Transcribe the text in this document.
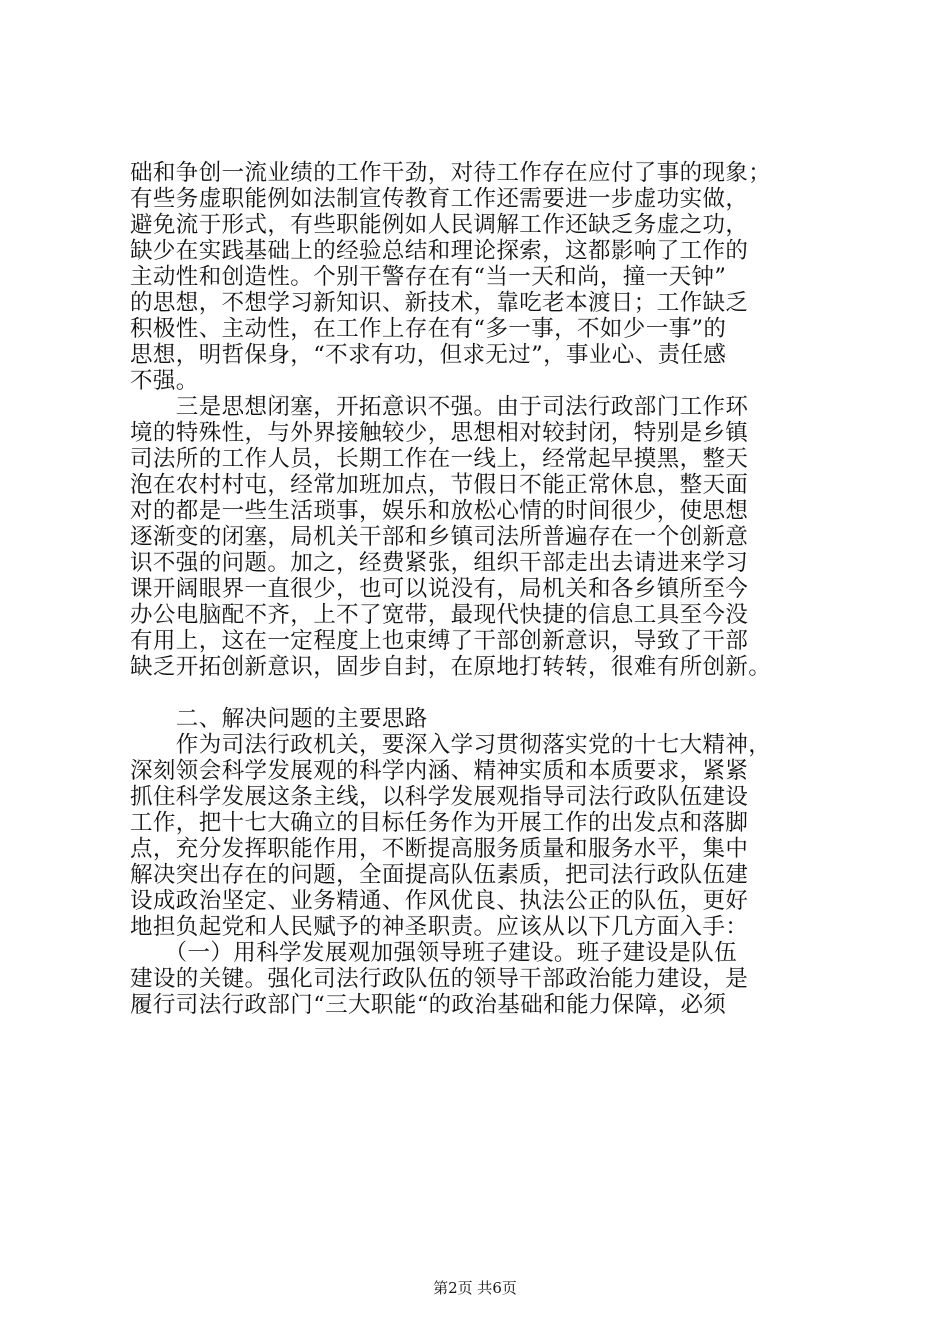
础和争创一流业绩的工作干劲，对待工作存在应付了事的现象；
有些务虚职能例如法制宣传教育工作还需要进一步虚功实做，
避免流于形式，有些职能例如人民调解工作还缺乏务虚之功，
缺少在实践基础上的经验总结和理论探索，这都影响了工作的
主动性和创造性。个别干警存在有“当一天和尚，撞一天钟”
的思想，不想学习新知识、新技术，靠吃老本渡日；工作缺乏
积极性、主动性，在工作上存在有“多一事，不如少一事”的
思想，明哲保身，“不求有功，但求无过”，事业心、责任感
不强。
　　三是思想闭塞，开拓意识不强。由于司法行政部门工作环
境的特殊性，与外界接触较少，思想相对较封闭，特别是乡镇
司法所的工作人员，长期工作在一线上，经常起早摸黑，整天
泡在农村村屯，经常加班加点，节假日不能正常休息，整天面
对的都是一些生活琐事，娱乐和放松心情的时间很少，使思想
逐渐变的闭塞，局机关干部和乡镇司法所普遍存在一个创新意
识不强的问题。加之，经费紧张，组织干部走出去请进来学习
课开阔眼界一直很少，也可以说没有，局机关和各乡镇所至今
办公电脑配不齐，上不了宽带，最现代快捷的信息工具至今没
有用上，这在一定程度上也束缚了干部创新意识，导致了干部
缺乏开拓创新意识，固步自封，在原地打转转，很难有所创新。
　　二、解决问题的主要思路
　　作为司法行政机关，要深入学习贯彻落实党的十七大精神，
深刻领会科学发展观的科学内涵、精神实质和本质要求，紧紧
抓住科学发展这条主线，以科学发展观指导司法行政队伍建设
工作，把十七大确立的目标任务作为开展工作的出发点和落脚
点，充分发挥职能作用，不断提高服务质量和服务水平，集中
解决突出存在的问题，全面提高队伍素质，把司法行政队伍建
设成政治坚定、业务精通、作风优良、执法公正的队伍，更好
地担负起党和人民赋予的神圣职责。应该从以下几方面入手：
　　（一）用科学发展观加强领导班子建设。班子建设是队伍
建设的关键。强化司法行政队伍的领导干部政治能力建设，是
履行司法行政部门“三大职能“的政治基础和能力保障，必须
第2页 共6页
